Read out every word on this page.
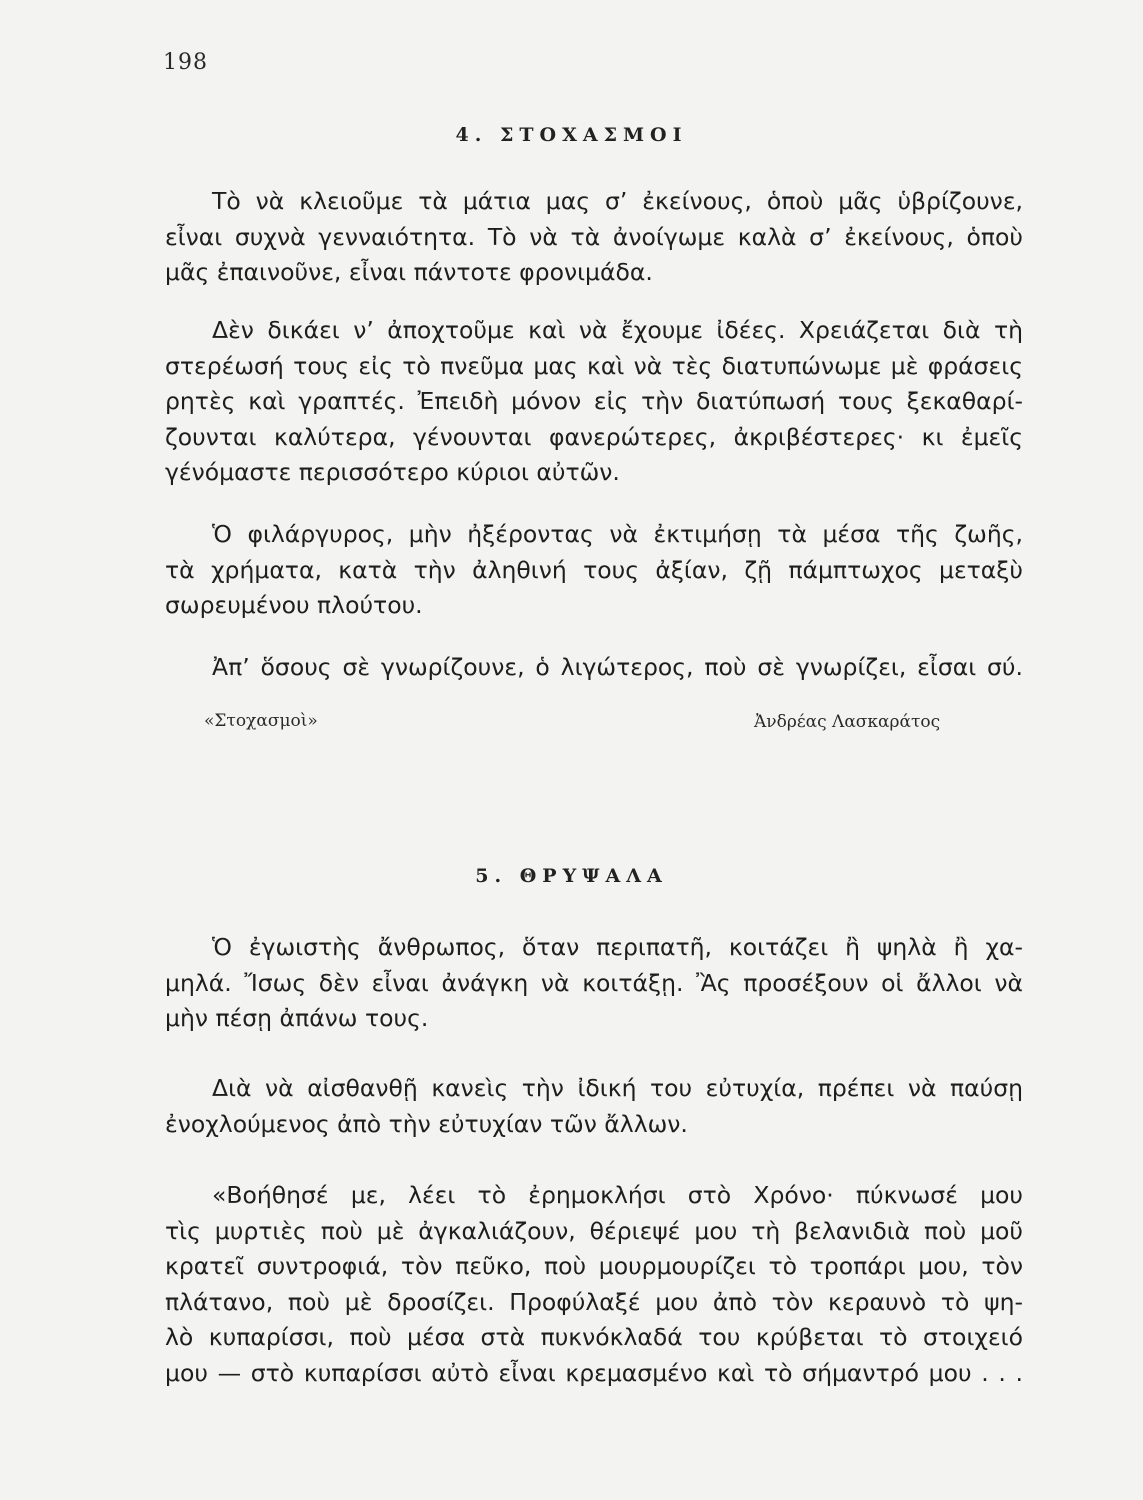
198
4. ΣΤΟΧΑΣΜΟΙ
Τὸ νὰ κλειοῦμε τὰ μάτια μας σ’ ἐκείνους, ὁποὺ μᾶς ὑβρίζουνε,
εἶναι συχνὰ γενναιότητα. Τὸ νὰ τὰ ἀνοίγωμε καλὰ σ’ ἐκείνους, ὁποὺ
μᾶς ἐπαινοῦνε, εἶναι πάντοτε φρονιμάδα.
Δὲν δικάει ν’ ἀποχτοῦμε καὶ νὰ ἔχουμε ἰδέες. Χρειάζεται διὰ τὴ
στερέωσή τους εἰς τὸ πνεῦμα μας καὶ νὰ τὲς διατυπώνωμε μὲ φράσεις
ρητὲς καὶ γραπτές. Ἐπειδὴ μόνον εἰς τὴν διατύπωσή τους ξεκαθαρί-
ζουνται καλύτερα, γένουνται φανερώτερες, ἀκριβέστερες· κι ἐμεῖς
γένόμαστε περισσότερο κύριοι αὐτῶν.
Ὁ φιλάργυρος, μὴν ἠξέροντας νὰ ἐκτιμήσῃ τὰ μέσα τῆς ζωῆς,
τὰ χρήματα, κατὰ τὴν ἀληθινή τους ἀξίαν, ζῇ πάμπτωχος μεταξὺ
σωρευμένου πλούτου.
Ἀπ’ ὅσους σὲ γνωρίζουνε, ὁ λιγώτερος, ποὺ σὲ γνωρίζει, εἶσαι σύ.
«Στοχασμοὶ»	Ἀνδρέας Λασκαράτος
5. ΘΡΥΨΑΛΑ
Ὁ ἐγωιστὴς ἄνθρωπος, ὅταν περιπατῆ, κοιτάζει ἢ ψηλὰ ἢ χα-
μηλά. Ἴσως δὲν εἶναι ἀνάγκη νὰ κοιτάξῃ. Ἂς προσέξουν οἱ ἄλλοι νὰ
μὴν πέσῃ ἀπάνω τους.
Διὰ νὰ αἰσθανθῇ κανεὶς τὴν ἰδική του εὐτυχία, πρέπει νὰ παύσῃ
ἐνοχλούμενος ἀπὸ τὴν εὐτυχίαν τῶν ἄλλων.
«Βοήθησέ με, λέει τὸ ἐρημοκλήσι στὸ Χρόνο· πύκνωσέ μου
τὶς μυρτιὲς ποὺ μὲ ἀγκαλιάζουν, θέριεψέ μου τὴ βελανιδιὰ ποὺ μοῦ
κρατεῖ συντροφιά, τὸν πεῦκο, ποὺ μουρμουρίζει τὸ τροπάρι μου, τὸν
πλάτανο, ποὺ μὲ δροσίζει. Προφύλαξέ μου ἀπὸ τὸν κεραυνὸ τὸ ψη-
λὸ κυπαρίσσι, ποὺ μέσα στὰ πυκνόκλαδά του κρύβεται τὸ στοιχειό
μου — στὸ κυπαρίσσι αὐτὸ εἶναι κρεμασμένο καὶ τὸ σήμαντρό μου . . .
